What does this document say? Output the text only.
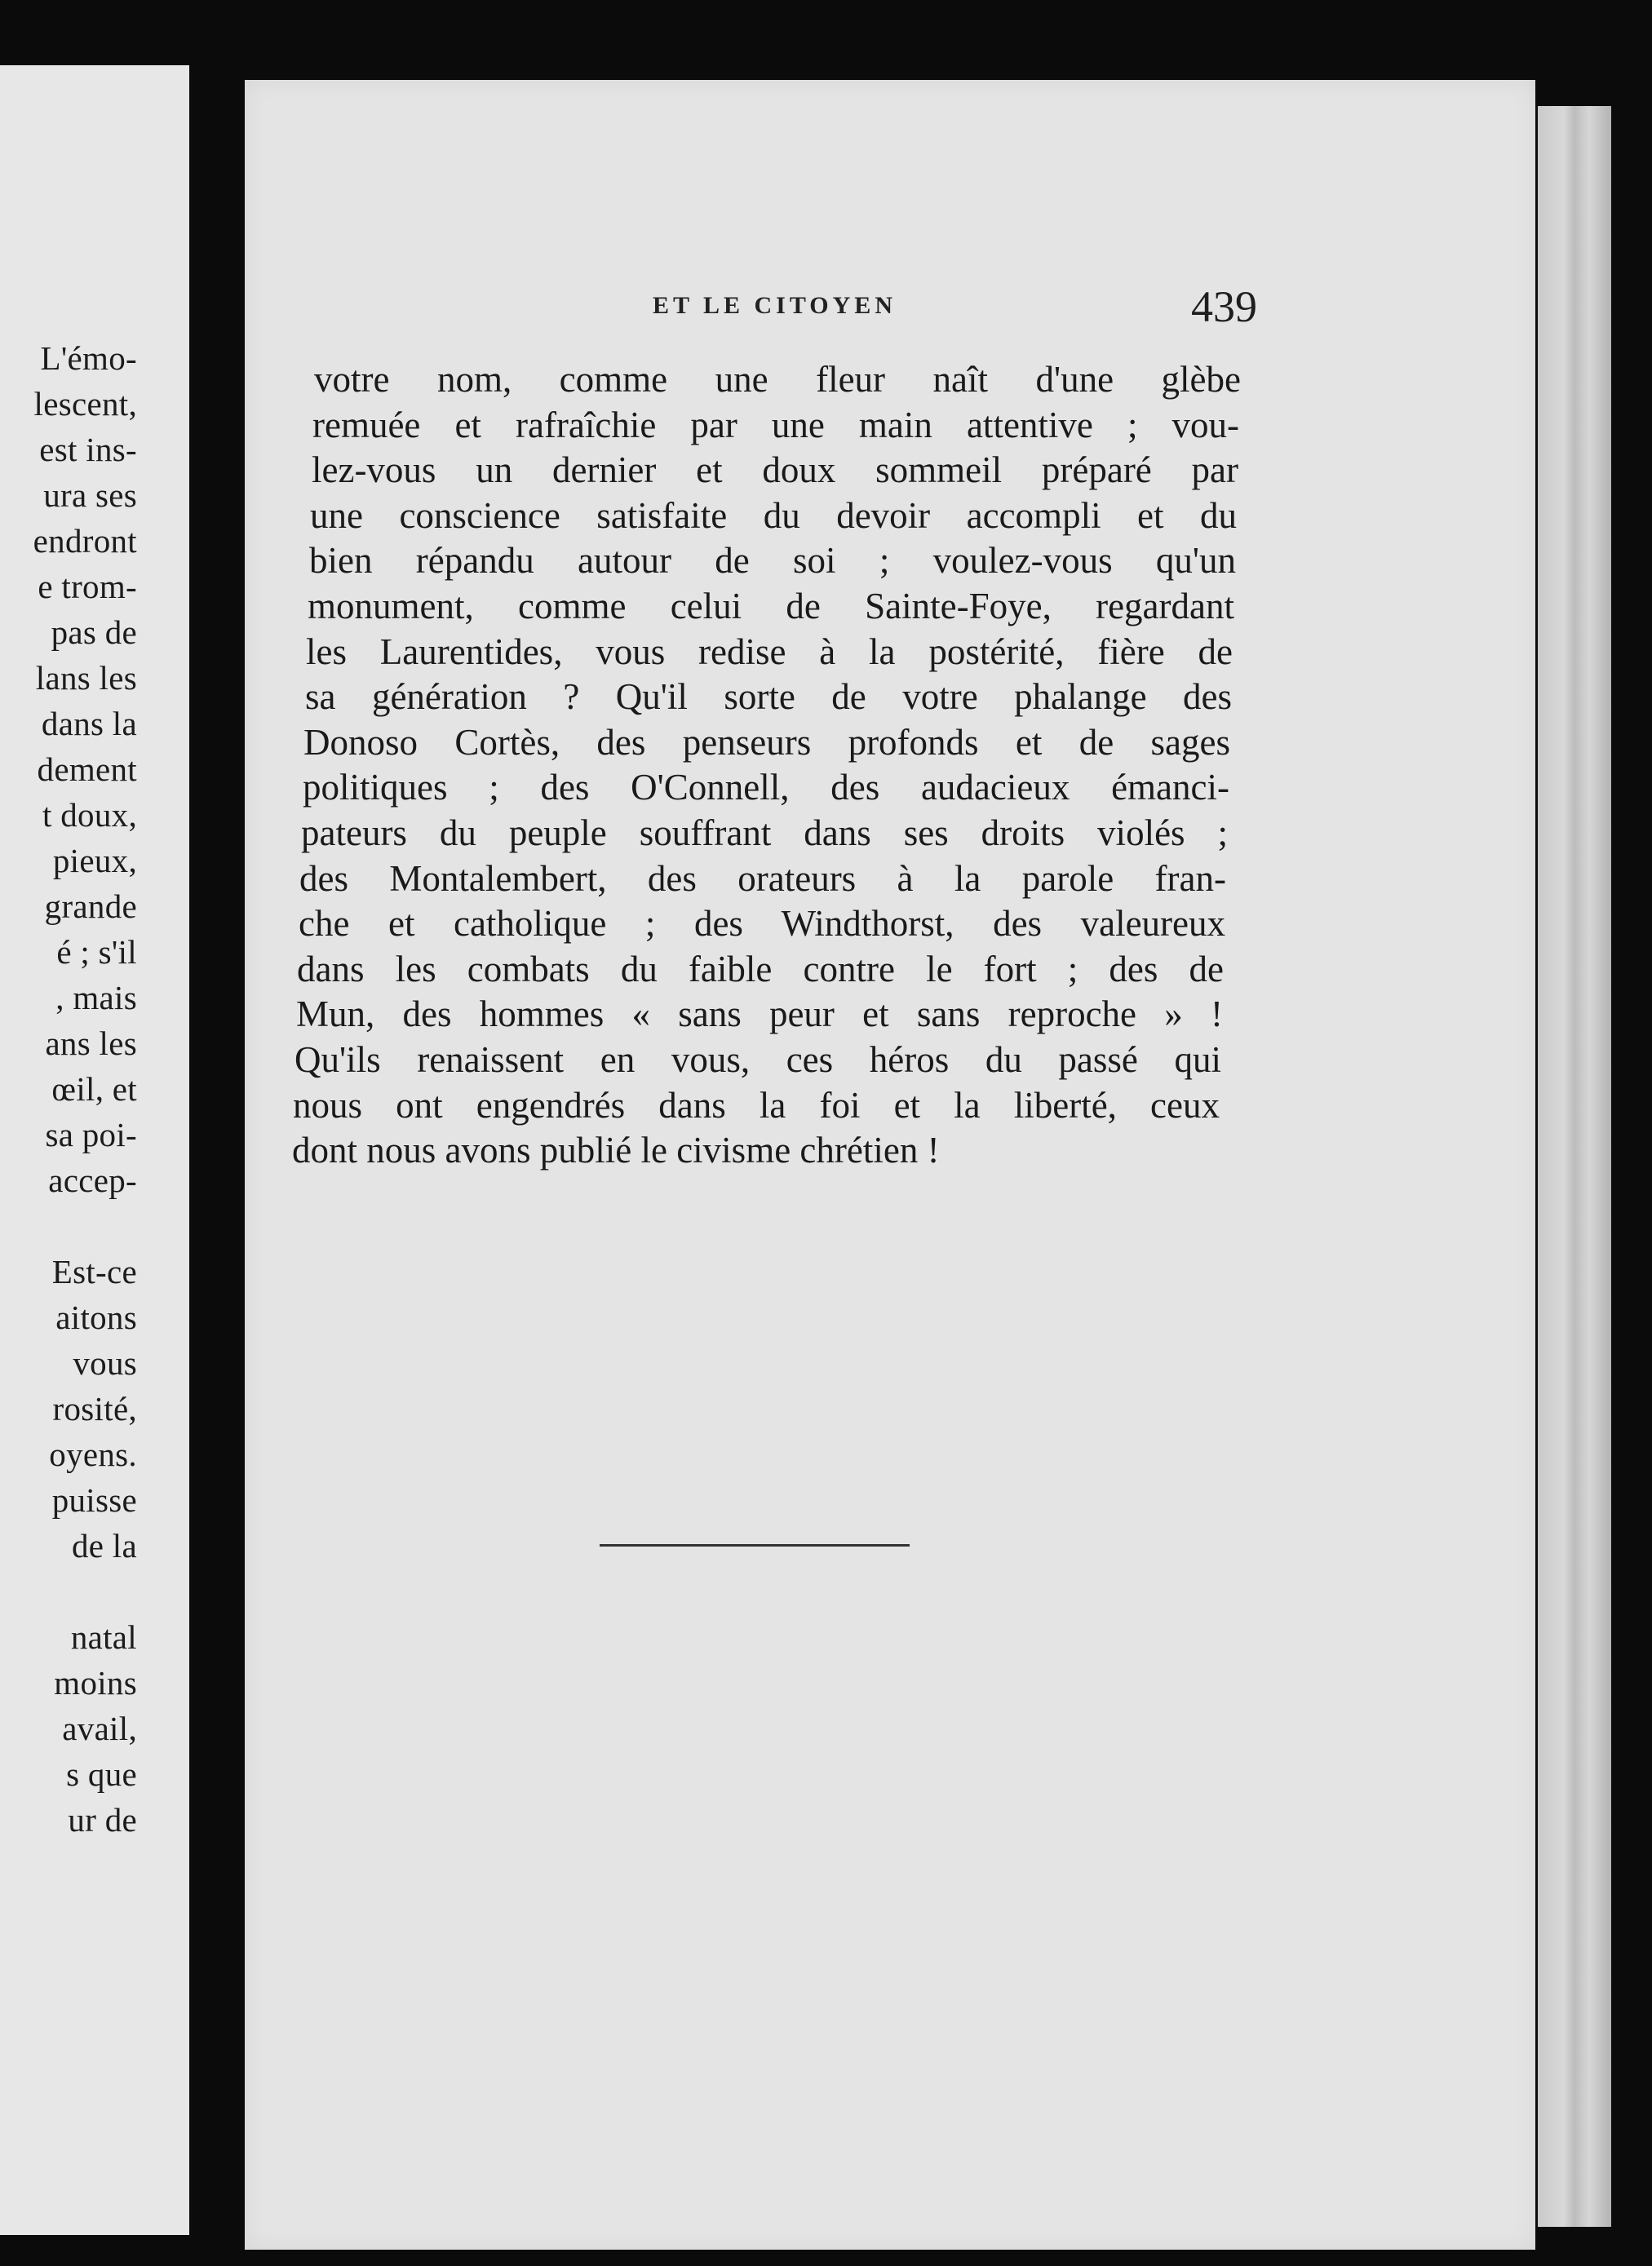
L'émo-
lescent,
est ins-
ura ses
endront
e trom-
pas de
lans les
dans la
dement
t doux,
pieux,
grande
é ; s'il
, mais
ans les
œil, et
sa poi-
accep-
Est-ce
aitons
vous
rosité,
oyens.
puisse
de la
natal
moins
avail,
s que
ur de
ET LE CITOYEN	439
votre nom, comme une fleur naît d'une glèbe
remuée et rafraîchie par une main attentive ; vou-
lez-vous un dernier et doux sommeil préparé par
une conscience satisfaite du devoir accompli et du
bien répandu autour de soi ; voulez-vous qu'un
monument, comme celui de Sainte-Foye, regardant
les Laurentides, vous redise à la postérité, fière de
sa génération ? Qu'il sorte de votre phalange des
Donoso Cortès, des penseurs profonds et de sages
politiques ; des O'Connell, des audacieux émanci-
pateurs du peuple souffrant dans ses droits violés ;
des Montalembert, des orateurs à la parole fran-
che et catholique ; des Windthorst, des valeureux
dans les combats du faible contre le fort ; des de
Mun, des hommes « sans peur et sans reproche » !
Qu'ils renaissent en vous, ces héros du passé qui
nous ont engendrés dans la foi et la liberté, ceux
dont nous avons publié le civisme chrétien !
